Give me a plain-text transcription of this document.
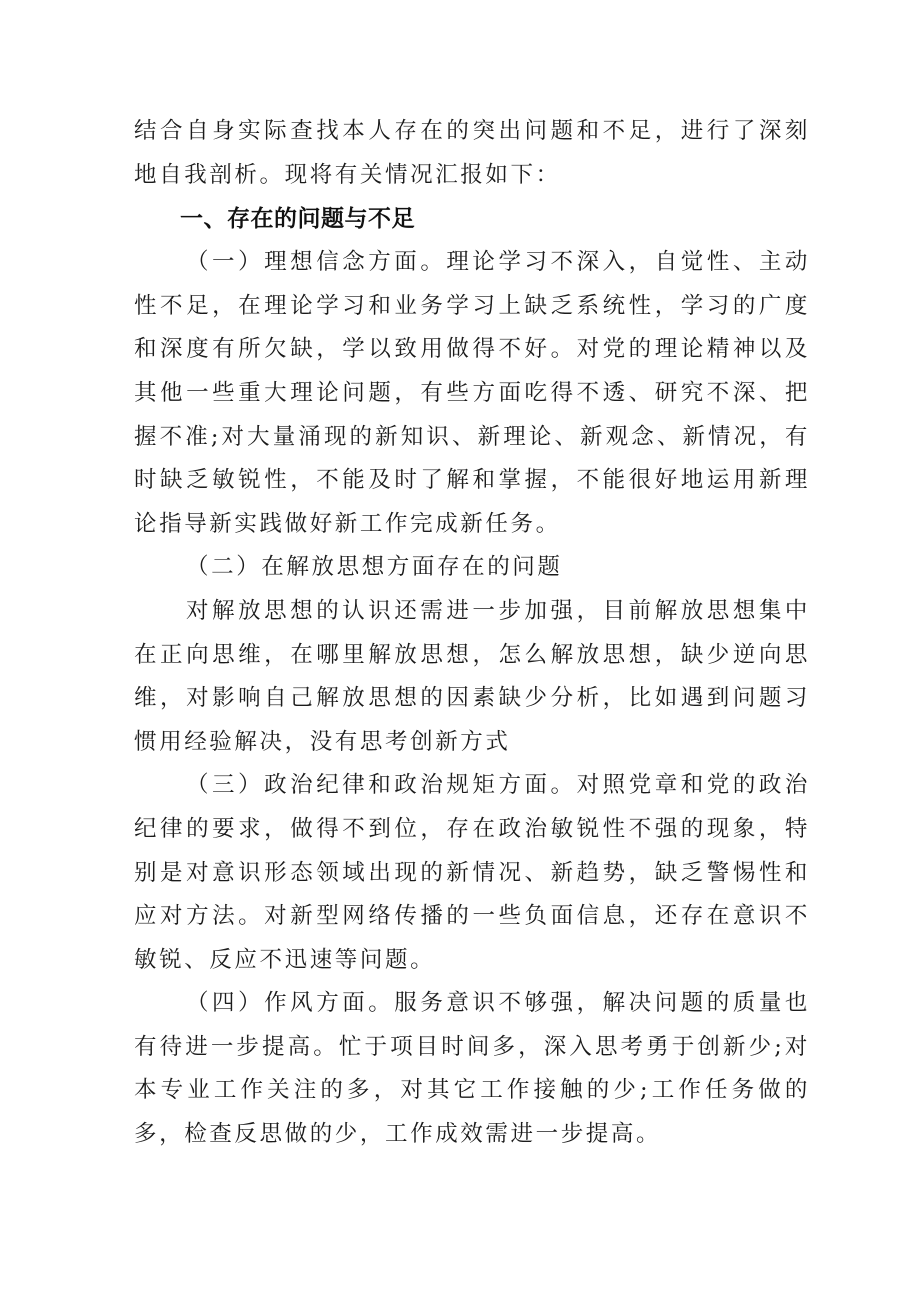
结合自身实际查找本人存在的突出问题和不足，进行了深刻地自我剖析。现将有关情况汇报如下：

一、存在的问题与不足

（一）理想信念方面。理论学习不深入，自觉性、主动性不足，在理论学习和业务学习上缺乏系统性，学习的广度和深度有所欠缺，学以致用做得不好。对党的理论精神以及其他一些重大理论问题，有些方面吃得不透、研究不深、把握不准;对大量涌现的新知识、新理论、新观念、新情况，有时缺乏敏锐性，不能及时了解和掌握，不能很好地运用新理论指导新实践做好新工作完成新任务。

（二）在解放思想方面存在的问题

对解放思想的认识还需进一步加强，目前解放思想集中在正向思维，在哪里解放思想，怎么解放思想，缺少逆向思维，对影响自己解放思想的因素缺少分析，比如遇到问题习惯用经验解决，没有思考创新方式

（三）政治纪律和政治规矩方面。对照党章和党的政治纪律的要求，做得不到位，存在政治敏锐性不强的现象，特别是对意识形态领域出现的新情况、新趋势，缺乏警惕性和应对方法。对新型网络传播的一些负面信息，还存在意识不敏锐、反应不迅速等问题。

（四）作风方面。服务意识不够强，解决问题的质量也有待进一步提高。忙于项目时间多，深入思考勇于创新少;对本专业工作关注的多，对其它工作接触的少;工作任务做的多，检查反思做的少，工作成效需进一步提高。
